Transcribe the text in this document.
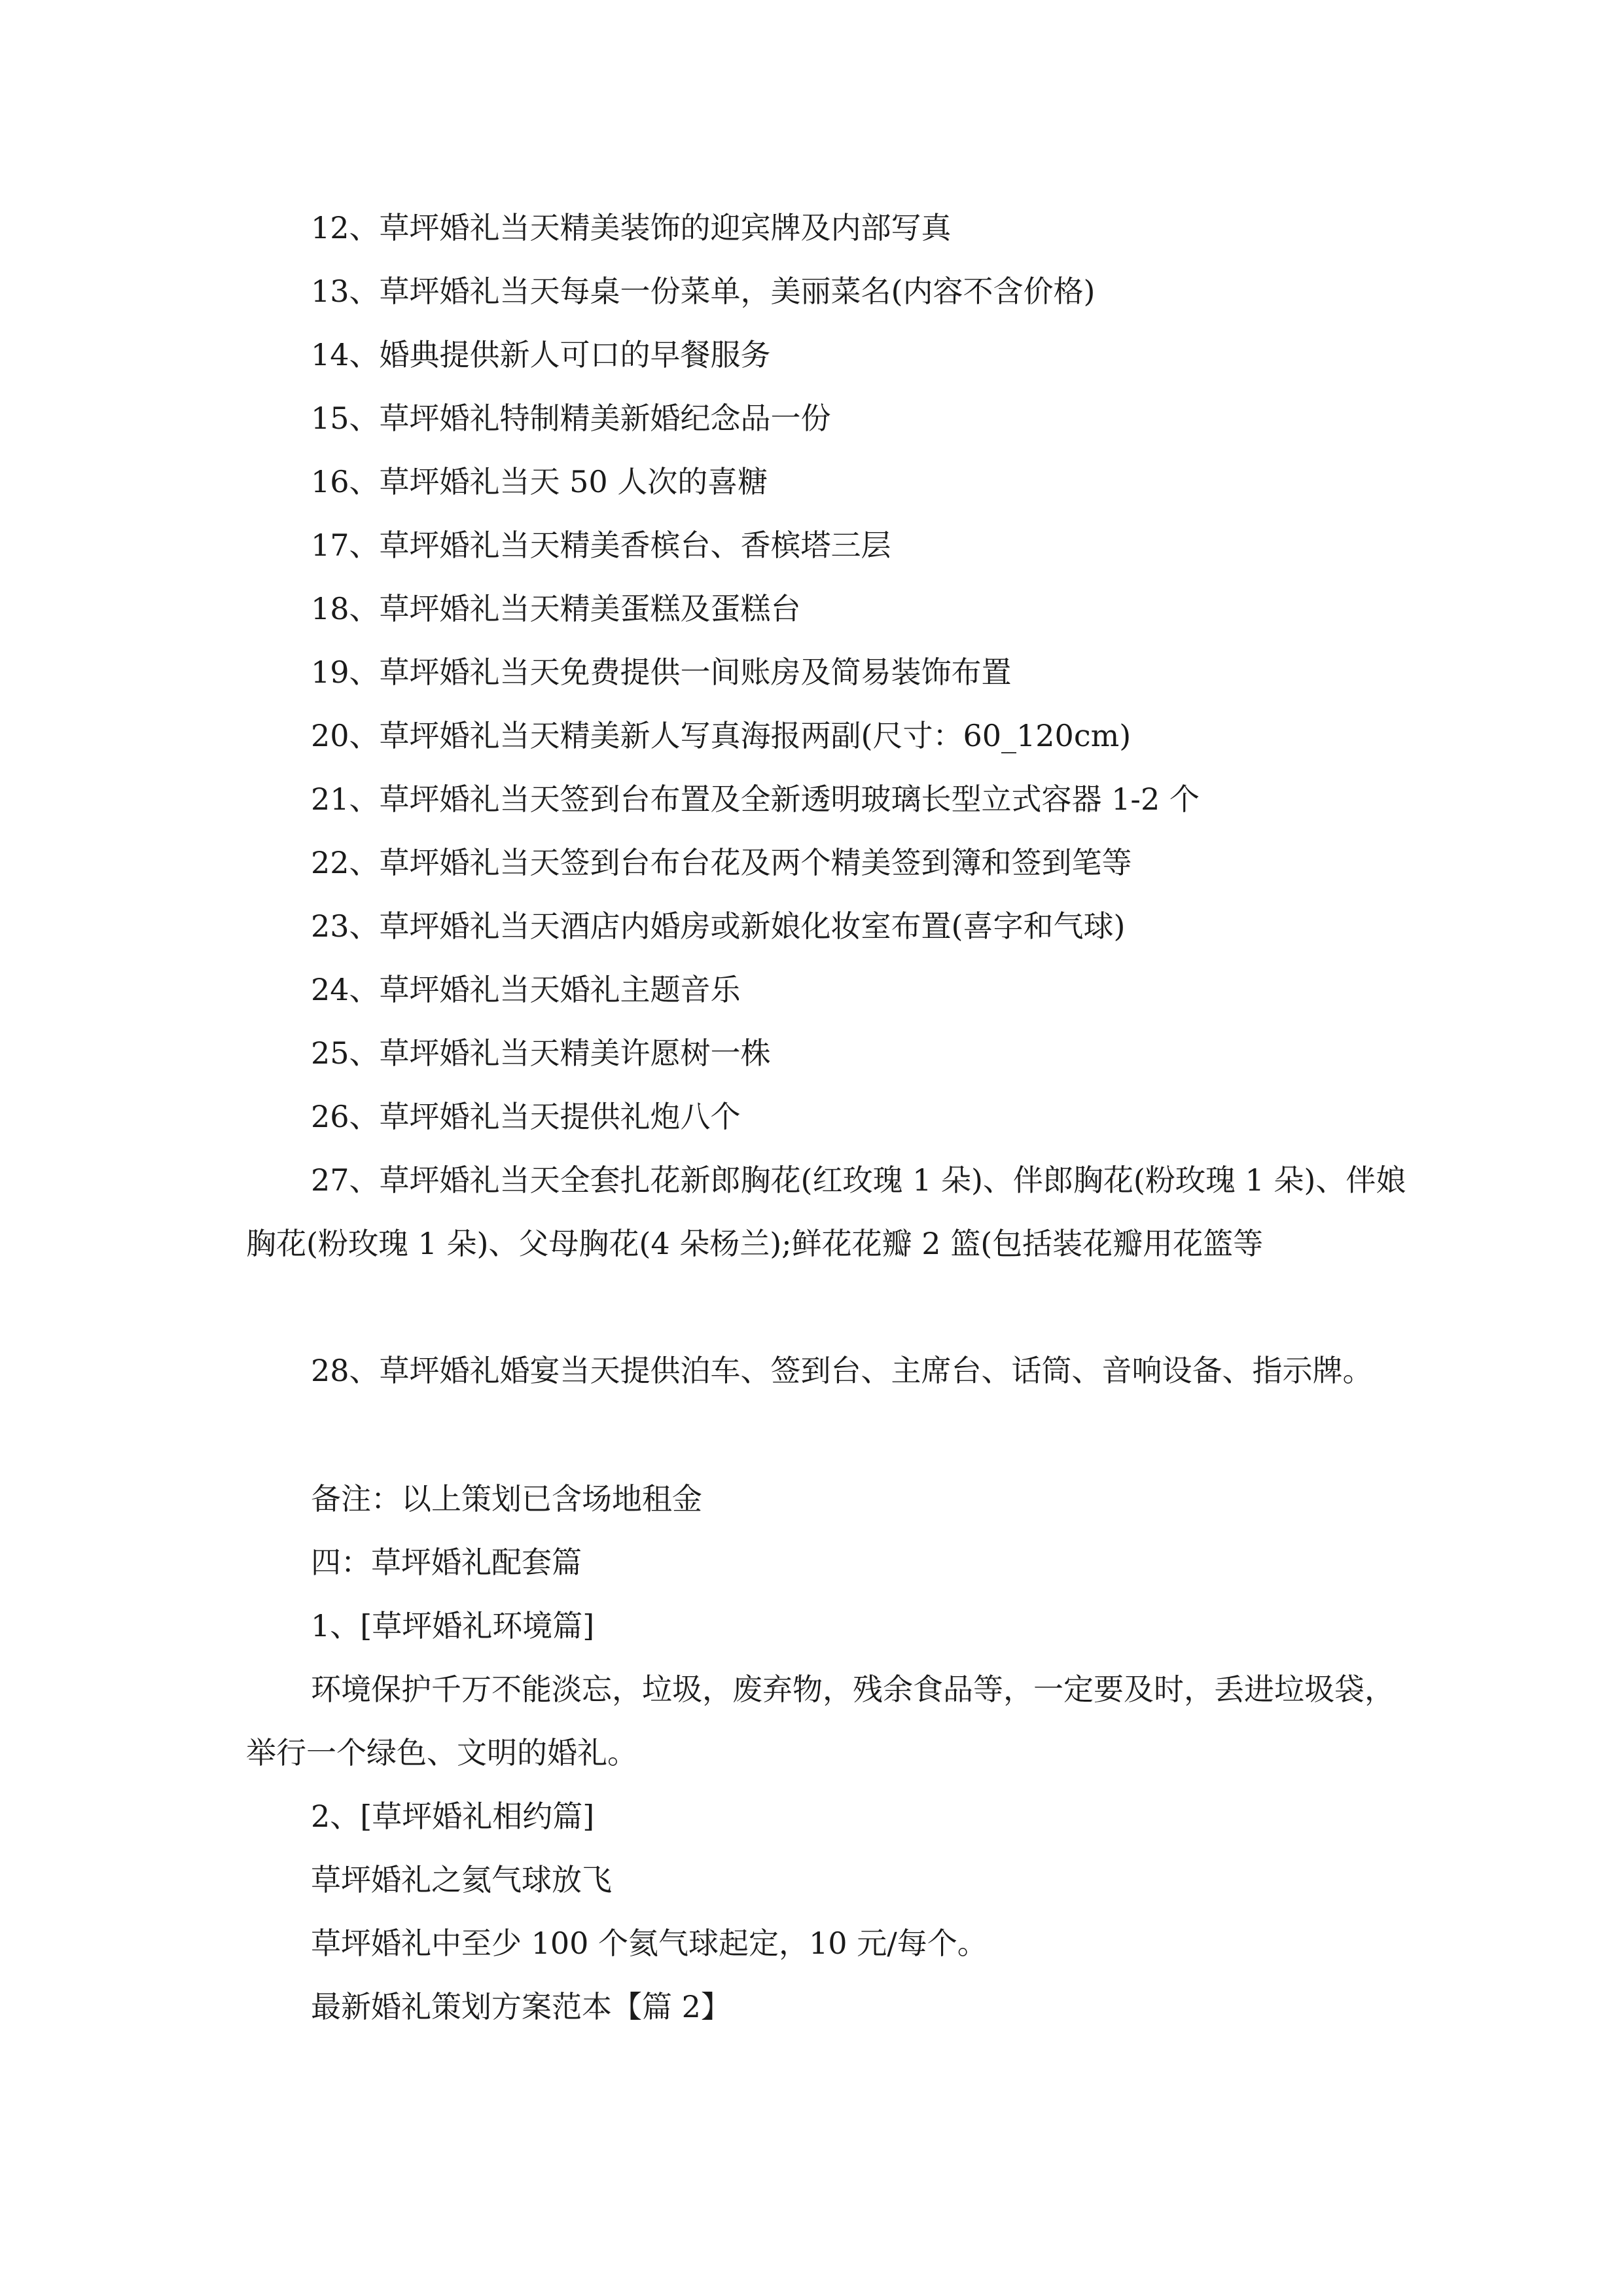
12、草坪婚礼当天精美装饰的迎宾牌及内部写真
13、草坪婚礼当天每桌一份菜单，美丽菜名(内容不含价格)
14、婚典提供新人可口的早餐服务
15、草坪婚礼特制精美新婚纪念品一份
16、草坪婚礼当天 50 人次的喜糖
17、草坪婚礼当天精美香槟台、香槟塔三层
18、草坪婚礼当天精美蛋糕及蛋糕台
19、草坪婚礼当天免费提供一间账房及简易装饰布置
20、草坪婚礼当天精美新人写真海报两副(尺寸：60_120cm)
21、草坪婚礼当天签到台布置及全新透明玻璃长型立式容器 1-2 个
22、草坪婚礼当天签到台布台花及两个精美签到簿和签到笔等
23、草坪婚礼当天酒店内婚房或新娘化妆室布置(喜字和气球)
24、草坪婚礼当天婚礼主题音乐
25、草坪婚礼当天精美许愿树一株
26、草坪婚礼当天提供礼炮八个
27、草坪婚礼当天全套扎花新郎胸花(红玫瑰 1 朵)、伴郎胸花(粉玫瑰 1 朵)、伴娘胸花(粉玫瑰 1 朵)、父母胸花(4 朵杨兰);鲜花花瓣 2 篮(包括装花瓣用花篮等
28、草坪婚礼婚宴当天提供泊车、签到台、主席台、话筒、音响设备、指示牌。
备注：以上策划已含场地租金
四：草坪婚礼配套篇
1、[草坪婚礼环境篇]
环境保护千万不能淡忘，垃圾，废弃物，残余食品等，一定要及时，丢进垃圾袋，举行一个绿色、文明的婚礼。
2、[草坪婚礼相约篇]
草坪婚礼之氦气球放飞
草坪婚礼中至少 100 个氦气球起定，10 元/每个。
最新婚礼策划方案范本【篇 2】
